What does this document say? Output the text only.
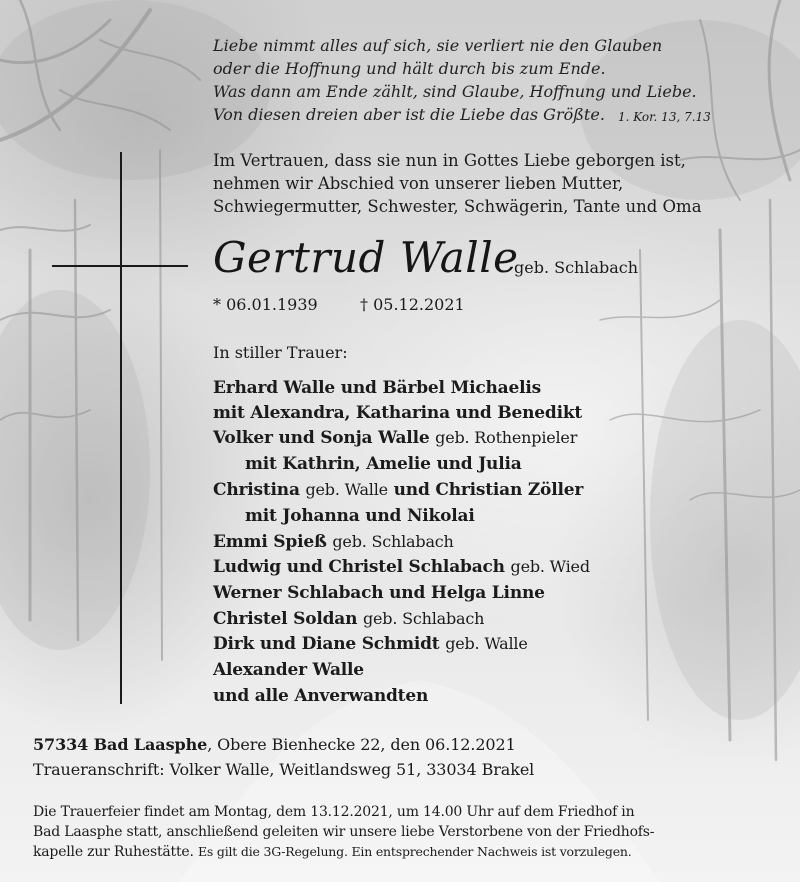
Liebe nimmt alles auf sich, sie verliert nie den Glauben
oder die Hoffnung und hält durch bis zum Ende.
Was dann am Ende zählt, sind Glaube, Hoffnung und Liebe.
Von diesen dreien aber ist die Liebe das Größte. 1. Kor. 13, 7.13
Im Vertrauen, dass sie nun in Gottes Liebe geborgen ist,
nehmen wir Abschied von unserer lieben Mutter,
Schwiegermutter, Schwester, Schwägerin, Tante und Oma
Gertrud Walle
geb. Schlabach
* 06.01.1939	† 05.12.2021
In stiller Trauer:
Erhard Walle und Bärbel Michaelis
mit Alexandra, Katharina und Benedikt
Volker und Sonja Walle geb. Rothenpieler
mit Kathrin, Amelie und Julia
Christina geb. Walle und Christian Zöller
mit Johanna und Nikolai
Emmi Spieß geb. Schlabach
Ludwig und Christel Schlabach geb. Wied
Werner Schlabach und Helga Linne
Christel Soldan geb. Schlabach
Dirk und Diane Schmidt geb. Walle
Alexander Walle
und alle Anverwandten
57334 Bad Laasphe, Obere Bienhecke 22, den 06.12.2021
Traueranschrift: Volker Walle, Weitlandsweg 51, 33034 Brakel
Die Trauerfeier findet am Montag, dem 13.12.2021, um 14.00 Uhr auf dem Friedhof in
Bad Laasphe statt, anschließend geleiten wir unsere liebe Verstorbene von der Friedhofs-
kapelle zur Ruhestätte. Es gilt die 3G-Regelung. Ein entsprechender Nachweis ist vorzulegen.
